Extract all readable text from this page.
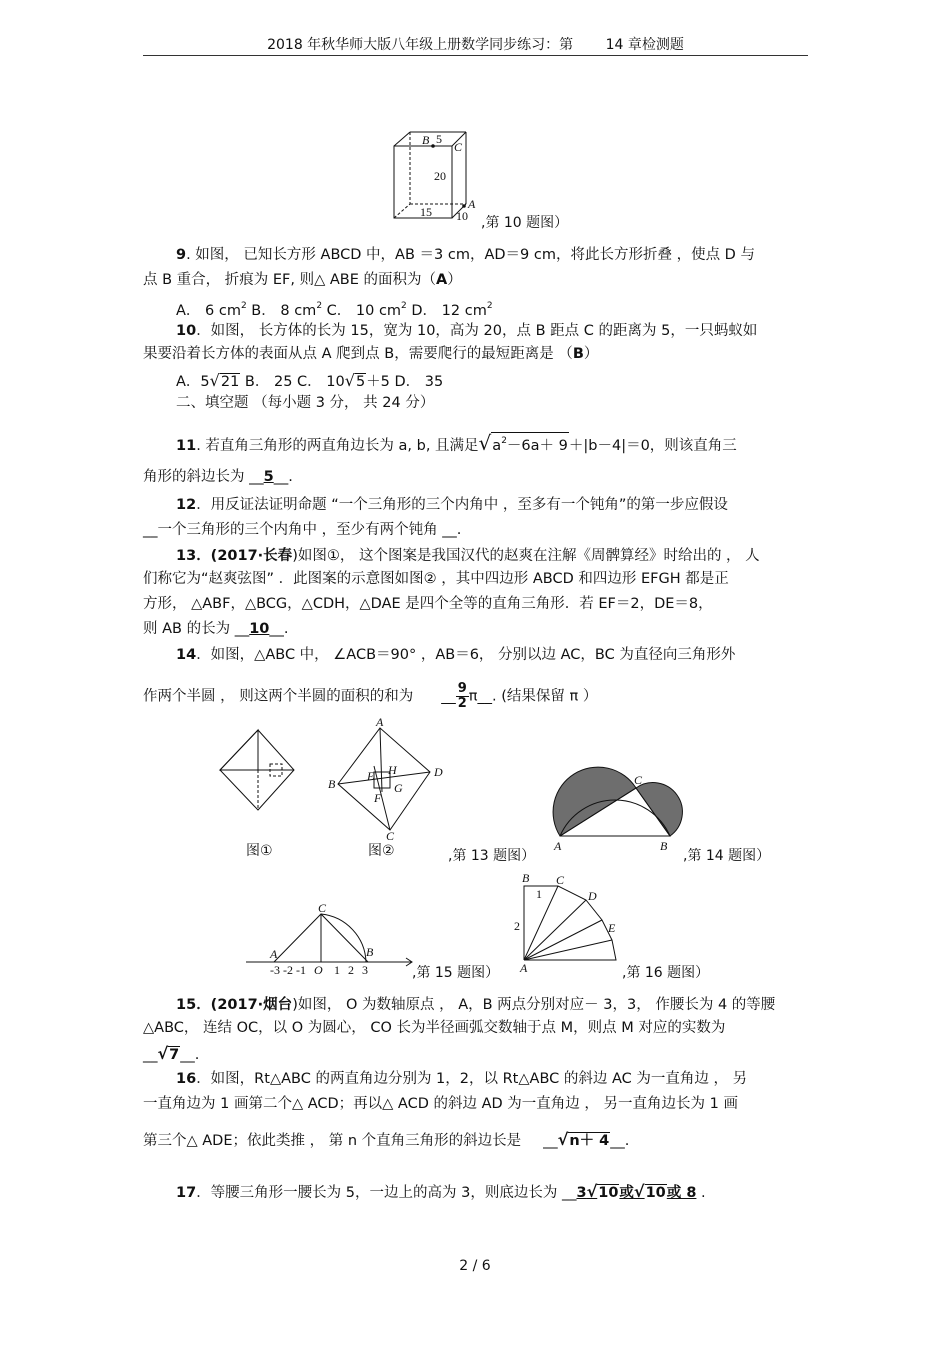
2018 年秋华师大版八年级上册数学同步练习：第　　 14 章检测题
B 5
C
20
A
15 10 ,第 10 题图）
9. 如图， 已知长方形 ABCD 中，AB ＝3 cm，AD＝9 cm，将此长方形折叠 ，使点 D 与
点 B 重合， 折痕为 EF, 则△ ABE 的面积为（A）
A． 6 $cm^2$ B． 8 $cm^2$ C． 10 $cm^2$ D． 12 $cm^2$
10．如图， 长方体的长为 15，宽为 10，高为 20，点 B 距点 C 的距离为 5，一只蚂蚁如
果要沿着长方体的表面从点 A 爬到点 B，需要爬行的最短距离是 （B）
A．5√21 B． 25 C． 10√5＋5 D． 35
二、填空题 （每小题 3 分， 共 24 分）
11. 若直角三角形的两直角边长为 a, b, 且满足$√a^2-6a+ 9+|b-4|=0$，则该直角三
角形的斜边长为 __5__.
12．用反证法证明命题 “一个三角形的三个内角中 ，至多有一个钝角”的第一步应假设
__一个三角形的三个内角中 ，至少有两个钝角 __.
13．(2017·长春)如图①， 这个图案是我国汉代的赵爽在注解《周髀算经》时给出的 ， 人
们称它为“赵爽弦图” ．此图案的示意图如图② ，其中四边形 ABCD 和四边形 EFGH 都是正
方形， △ABF，△BCG，△CDH，△DAE 是四个全等的直角三角形．若 EF＝2，DE＝8，
则 AB 的长为 __10__.
14．如图，△ABC 中， ∠ACB＝90° ，AB＝6， 分别以边 AC，BC 为直径向三角形外
作两个半圆 ， 则这两个半圆的面积的和为 __ $\frac{9}{2}\pi\_\_$. (结果保留 π ）
A
B
C
D
E
F
G
H
图①	图②	,第 13 题图）
A	B
C
,第 14 题图）
C
A	B
-3 -2 -1 O 1 2 3	,第 15 题图）
B C
D
E
A
2
1
,第 16 题图）
15．(2017·烟台)如图， O 为数轴原点 ， A，B 两点分别对应－ 3，3， 作腰长为 4 的等腰
△ABC， 连结 OC，以 O 为圆心， CO 长为半径画弧交数轴于点 M，则点 M 对应的实数为
__√7__.
16．如图，Rt△ABC 的两直角边分别为 1，2，以 Rt△ABC 的斜边 AC 为一直角边 ， 另
一直角边为 1 画第二个△ ACD；再以△ ACD 的斜边 AD 为一直角边 ， 另一直角边长为 1 画
第三个△ ADE；依此类推 ， 第 n 个直角三角形的斜边长是 __√n＋ 4__.
17．等腰三角形一腰长为 5，一边上的高为 3，则底边长为 __3√10或√10或 8 .
2 / 6
